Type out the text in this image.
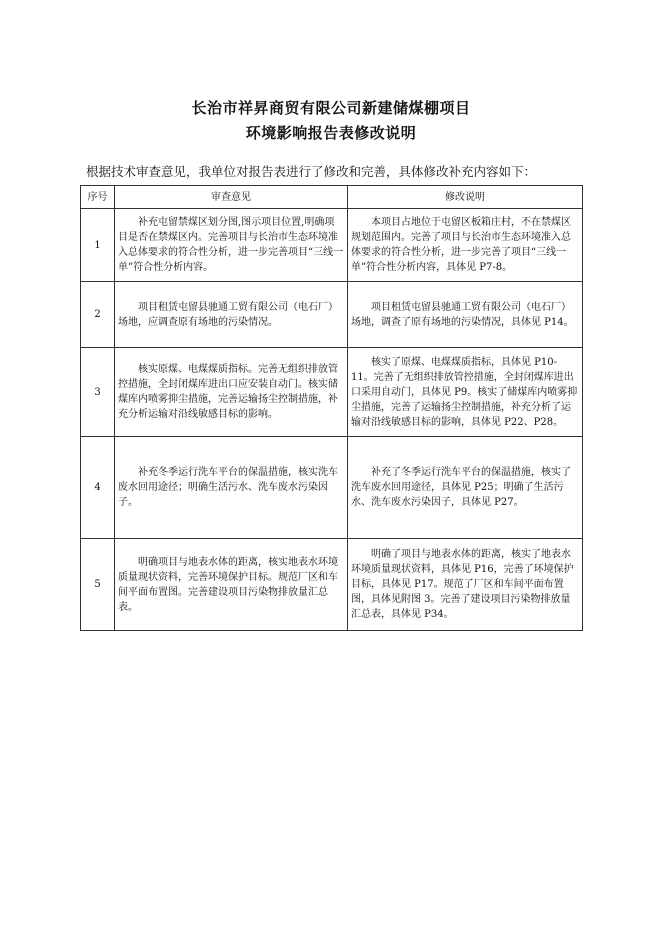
长治市祥昇商贸有限公司新建储煤棚项目
环境影响报告表修改说明
根据技术审查意见，我单位对报告表进行了修改和完善，具体修改补充内容如下：
序号	审查意见	修改说明
1	补充屯留禁煤区划分图,图示项目位置,明确项目是否在禁煤区内。完善项目与长治市生态环境准入总体要求的符合性分析，进一步完善项目“三线一单”符合性分析内容。	本项目占地位于屯留区板箱庄村，不在禁煤区规划范围内。完善了项目与长治市生态环境准入总体要求的符合性分析，进一步完善了项目“三线一单”符合性分析内容，具体见 P7-8。
2	项目租赁屯留县驰通工贸有限公司（电石厂）场地，应调查原有场地的污染情况。	项目租赁屯留县驰通工贸有限公司（电石厂）场地，调查了原有场地的污染情况，具体见 P14。
3	核实原煤、电煤煤质指标。完善无组织排放管控措施，全封闭煤库进出口应安装自动门。核实储煤库内喷雾抑尘措施，完善运输扬尘控制措施，补充分析运输对沿线敏感目标的影响。	核实了原煤、电煤煤质指标，具体见 P10-11。完善了无组织排放管控措施，全封闭煤库进出口采用自动门，具体见 P9。核实了储煤库内喷雾抑尘措施，完善了运输扬尘控制措施，补充分析了运输对沿线敏感目标的影响，具体见 P22、P28。
4	补充冬季运行洗车平台的保温措施，核实洗车废水回用途径；明确生活污水、洗车废水污染因子。	补充了冬季运行洗车平台的保温措施，核实了洗车废水回用途径，具体见 P25；明确了生活污水、洗车废水污染因子，具体见 P27。
5	明确项目与地表水体的距离，核实地表水环境质量现状资料，完善环境保护目标。规范厂区和车间平面布置图。完善建设项目污染物排放量汇总表。	明确了项目与地表水体的距离，核实了地表水环境质量现状资料，具体见 P16，完善了环境保护目标，具体见 P17。规范了厂区和车间平面布置图，具体见附图 3。完善了建设项目污染物排放量汇总表，具体见 P34。
